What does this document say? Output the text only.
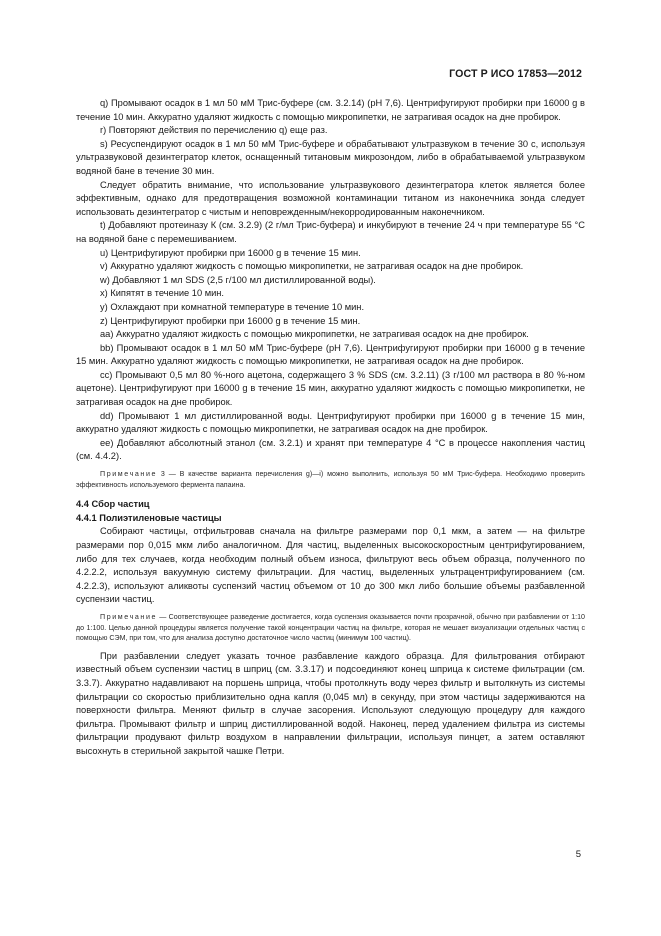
ГОСТ Р ИСО 17853—2012

q) Промывают осадок в 1 мл 50 мМ Трис-буфере (см. 3.2.14) (pH 7,6). Центрифугируют пробирки при 16000 g в течение 10 мин. Аккуратно удаляют жидкость с помощью микропипетки, не затрагивая осадок на дне пробирок.

r) Повторяют действия по перечислению q) еще раз.

s) Ресуспендируют осадок в 1 мл 50 мМ Трис-буфере и обрабатывают ультразвуком в течение 30 с, используя ультразвуковой дезинтегратор клеток, оснащенный титановым микрозондом, либо в обрабатываемой ультразвуком водяной бане в течение 30 мин.

Следует обратить внимание, что использование ультразвукового дезинтегратора клеток является более эффективным, однако для предотвращения возможной контаминации титаном из наконечника зонда следует использовать дезинтегратор с чистым и неповрежденным/некорродированным наконечником.

t) Добавляют протеиназу К (см. 3.2.9) (2 г/мл Трис-буфера) и инкубируют в течение 24 ч при температуре 55 °С на водяной бане с перемешиванием.

u) Центрифугируют пробирки при 16000 g в течение 15 мин.

v) Аккуратно удаляют жидкость с помощью микропипетки, не затрагивая осадок на дне пробирок.

w) Добавляют 1 мл SDS (2,5 г/100 мл дистиллированной воды).

x) Кипятят в течение 10 мин.

y) Охлаждают при комнатной температуре в течение 10 мин.

z) Центрифугируют пробирки при 16000 g в течение 15 мин.

aa) Аккуратно удаляют жидкость с помощью микропипетки, не затрагивая осадок на дне пробирок.

bb) Промывают осадок в 1 мл 50 мМ Трис-буфере (pH 7,6). Центрифугируют пробирки при 16000 g в течение 15 мин. Аккуратно удаляют жидкость с помощью микропипетки, не затрагивая осадок на дне пробирок.

cc) Промывают 0,5 мл 80 %-ного ацетона, содержащего 3 % SDS (см. 3.2.11) (3 г/100 мл раствора в 80 %-ном ацетоне). Центрифугируют при 16000 g в течение 15 мин, аккуратно удаляют жидкость с помощью микропипетки, не затрагивая осадок на дне пробирок.

dd) Промывают 1 мл дистиллированной воды. Центрифугируют пробирки при 16000 g в течение 15 мин, аккуратно удаляют жидкость с помощью микропипетки, не затрагивая осадок на дне пробирок.

ee) Добавляют абсолютный этанол (см. 3.2.1) и хранят при температуре 4 °С в процессе накопления частиц (см. 4.4.2).

Примечание 3 — В качестве варианта перечисления g)—i) можно выполнить, используя 50 мМ Трис-буфера. Необходимо проверить эффективность используемого фермента папаина.

4.4 Сбор частиц

4.4.1 Полиэтиленовые частицы

Собирают частицы, отфильтровав сначала на фильтре размерами пор 0,1 мкм, а затем — на фильтре размерами пор 0,015 мкм либо аналогичном. Для частиц, выделенных высокоскоростным центрифугированием, либо для тех случаев, когда необходим полный объем износа, фильтруют весь объем образца, полученного по 4.2.2.2, используя вакуумную систему фильтрации. Для частиц, выделенных ультрацентрифугированием (см. 4.2.2.3), используют аликвоты суспензий частиц объемом от 10 до 300 мкл либо большие объемы разбавленной суспензии частиц.

Примечание — Соответствующее разведение достигается, когда суспензия оказывается почти прозрачной, обычно при разбавлении от 1:10 до 1:100. Целью данной процедуры является получение такой концентрации частиц на фильтре, которая не мешает визуализации отдельных частиц с помощью СЭМ, при том, что для анализа доступно достаточное число частиц (минимум 100 частиц).

При разбавлении следует указать точное разбавление каждого образца. Для фильтрования отбирают известный объем суспензии частиц в шприц (см. 3.3.17) и подсоединяют конец шприца к системе фильтрации (см. 3.3.7). Аккуратно надавливают на поршень шприца, чтобы протолкнуть воду через фильтр и вытолкнуть из системы фильтрации со скоростью приблизительно одна капля (0,045 мл) в секунду, при этом частицы задерживаются на поверхности фильтра. Меняют фильтр в случае засорения. Используют следующую процедуру для каждого фильтра. Промывают фильтр и шприц дистиллированной водой. Наконец, перед удалением фильтра из системы фильтрации продувают фильтр воздухом в направлении фильтрации, используя пинцет, а затем оставляют высохнуть в стерильной закрытой чашке Петри.

5
